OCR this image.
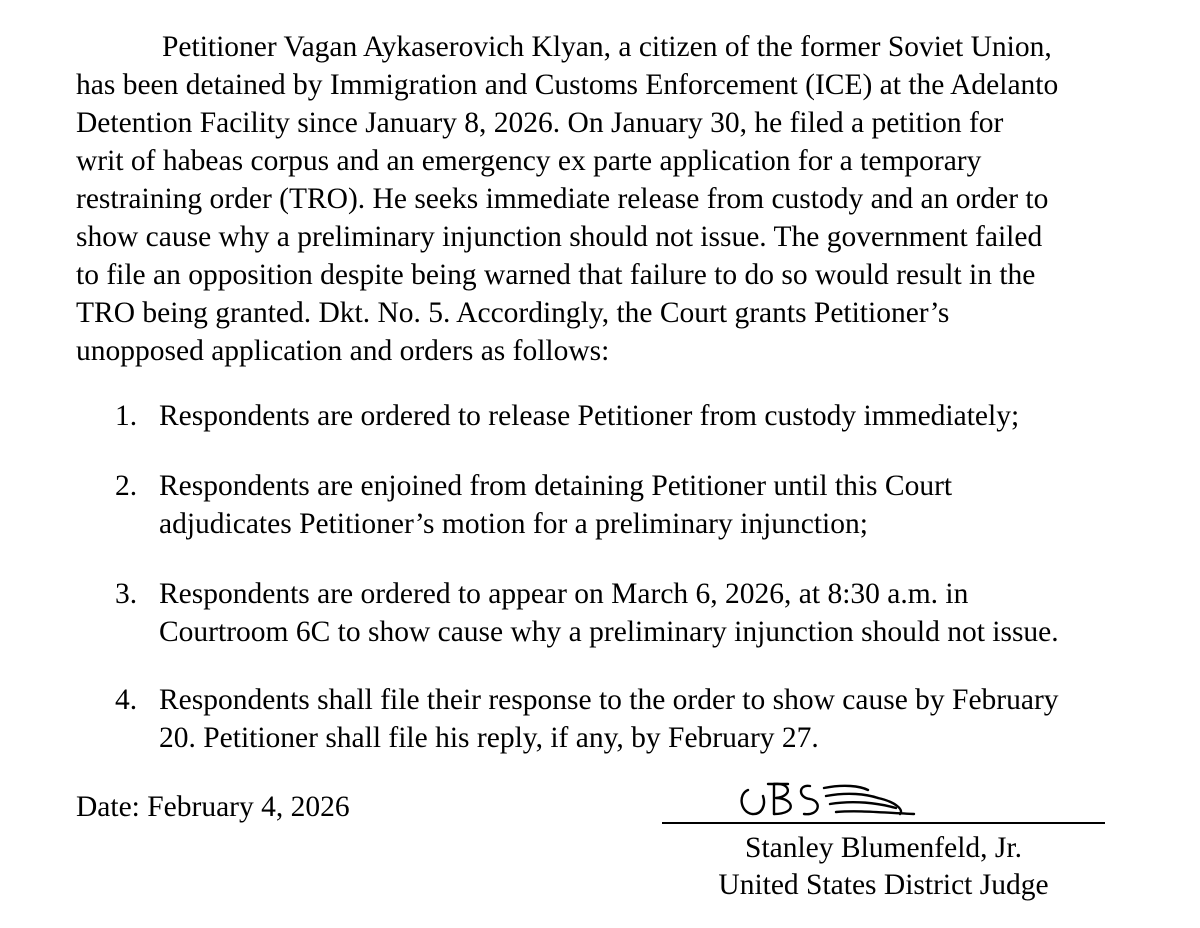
Petitioner Vagan Aykaserovich Klyan, a citizen of the former Soviet Union,

has been detained by Immigration and Customs Enforcement (ICE) at the Adelanto

Detention Facility since January 8, 2026. On January 30, he filed a petition for

writ of habeas corpus and an emergency ex parte application for a temporary

restraining order (TRO). He seeks immediate release from custody and an order to

show cause why a preliminary injunction should not issue. The government failed

to file an opposition despite being warned that failure to do so would result in the

TRO being granted. Dkt. No. 5. Accordingly, the Court grants Petitioner’s

unopposed application and orders as follows:

1. Respondents are ordered to release Petitioner from custody immediately;
2. Respondents are enjoined from detaining Petitioner until this Court
adjudicates Petitioner’s motion for a preliminary injunction;
3. Respondents are ordered to appear on March 6, 2026, at 8:30 a.m. in
Courtroom 6C to show cause why a preliminary injunction should not issue.
4. Respondents shall file their response to the order to show cause by February
20. Petitioner shall file his reply, if any, by February 27.
Date: February 4, 2026
Stanley Blumenfeld, Jr.
United States District Judge
